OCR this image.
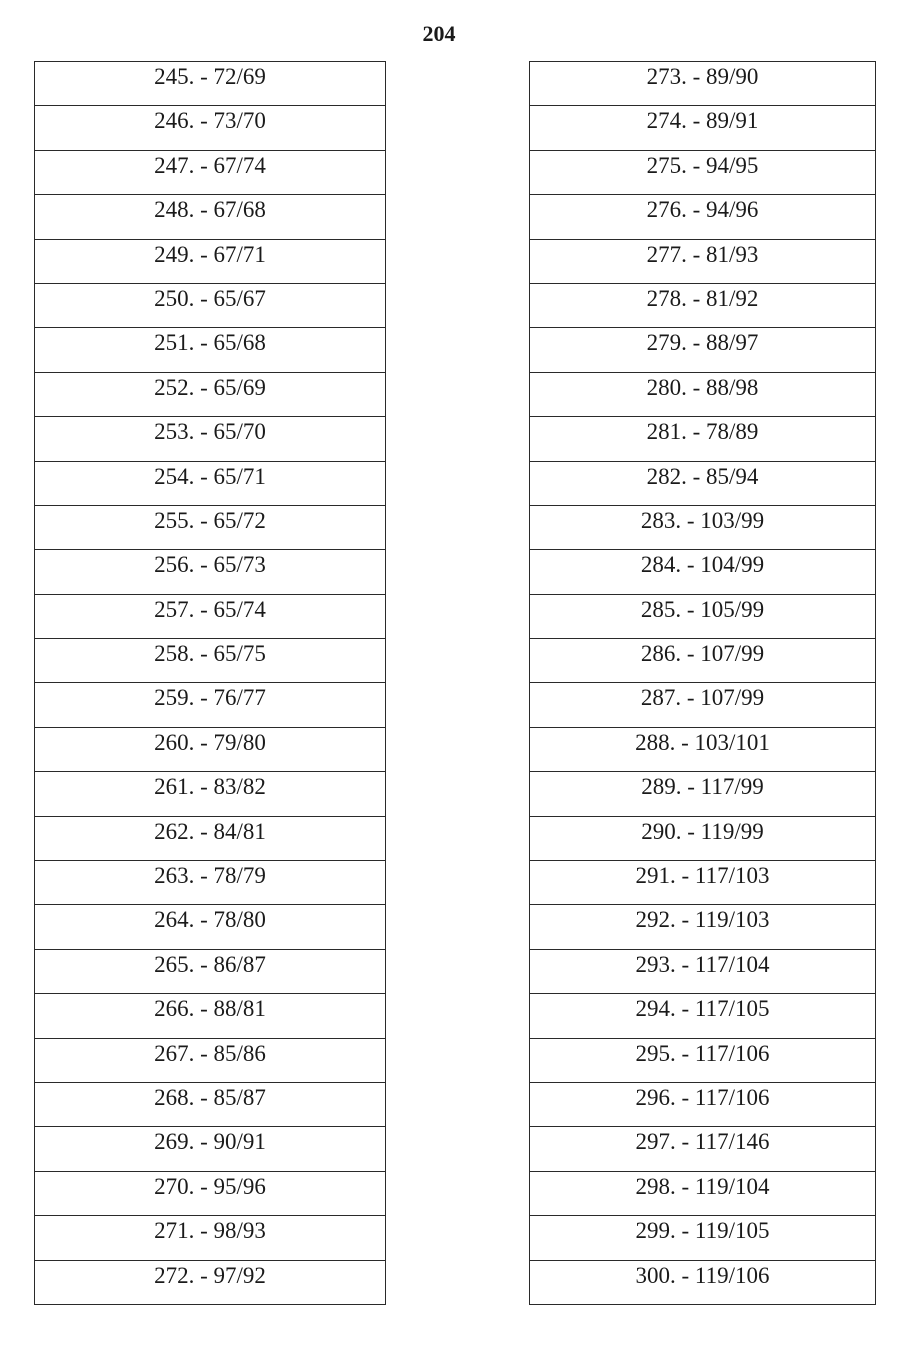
204
245. - 72/69
246. - 73/70
247. - 67/74
248. - 67/68
249. - 67/71
250. - 65/67
251. - 65/68
252. - 65/69
253. - 65/70
254. - 65/71
255. - 65/72
256. - 65/73
257. - 65/74
258. - 65/75
259. - 76/77
260. - 79/80
261. - 83/82
262. - 84/81
263. - 78/79
264. - 78/80
265. - 86/87
266. - 88/81
267. - 85/86
268. - 85/87
269. - 90/91
270. - 95/96
271. - 98/93
272. - 97/92
273. - 89/90
274. - 89/91
275. - 94/95
276. - 94/96
277. - 81/93
278. - 81/92
279. - 88/97
280. - 88/98
281. - 78/89
282. - 85/94
283. - 103/99
284. - 104/99
285. - 105/99
286. - 107/99
287. - 107/99
288. - 103/101
289. - 117/99
290. - 119/99
291. - 117/103
292. - 119/103
293. - 117/104
294. - 117/105
295. - 117/106
296. - 117/106
297. - 117/146
298. - 119/104
299. - 119/105
300. - 119/106
